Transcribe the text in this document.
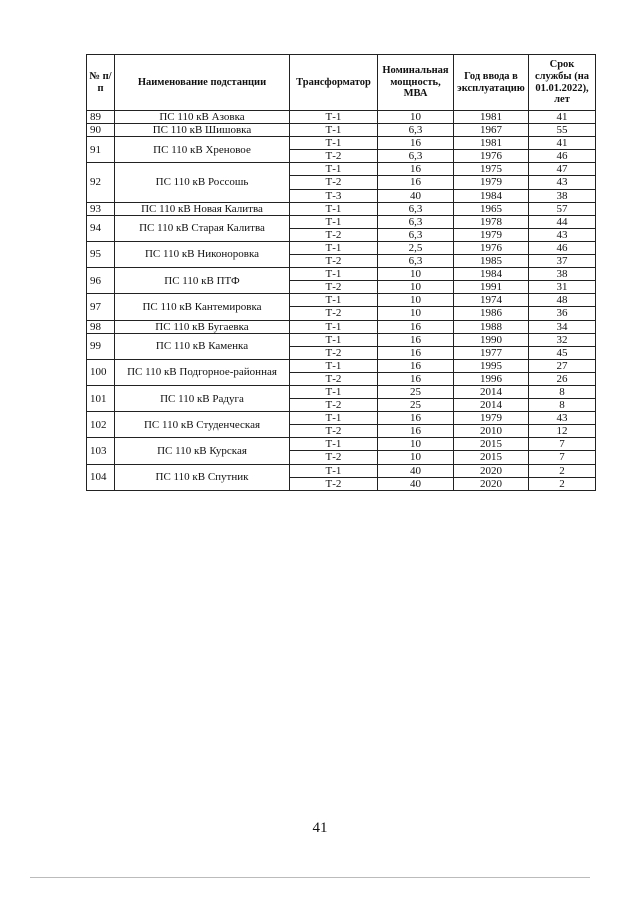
№ п/п	Наименование подстанции	Трансформатор	Номинальная мощность, МВА	Год ввода в эксплуатацию	Срок службы (на 01.01.2022), лет
89	ПС 110 кВ Азовка	Т-1	10	1981	41
90	ПС 110 кВ Шишовка	Т-1	6,3	1967	55
91	ПС 110 кВ Хреновое	Т-1	16	1981	41
		Т-2	6,3	1976	46
92	ПС 110 кВ Россошь	Т-1	16	1975	47
		Т-2	16	1979	43
		Т-3	40	1984	38
93	ПС 110 кВ Новая Калитва	Т-1	6,3	1965	57
94	ПС 110 кВ Старая Калитва	Т-1	6,3	1978	44
		Т-2	6,3	1979	43
95	ПС 110 кВ Никоноровка	Т-1	2,5	1976	46
		Т-2	6,3	1985	37
96	ПС 110 кВ ПТФ	Т-1	10	1984	38
		Т-2	10	1991	31
97	ПС 110 кВ Кантемировка	Т-1	10	1974	48
		Т-2	10	1986	36
98	ПС 110 кВ Бугаевка	Т-1	16	1988	34
99	ПС 110 кВ Каменка	Т-1	16	1990	32
		Т-2	16	1977	45
100	ПС 110 кВ Подгорное-районная	Т-1	16	1995	27
		Т-2	16	1996	26
101	ПС 110 кВ Радуга	Т-1	25	2014	8
		Т-2	25	2014	8
102	ПС 110 кВ Студенческая	Т-1	16	1979	43
		Т-2	16	2010	12
103	ПС 110 кВ Курская	Т-1	10	2015	7
		Т-2	10	2015	7
104	ПС 110 кВ Спутник	Т-1	40	2020	2
		Т-2	40	2020	2
41
